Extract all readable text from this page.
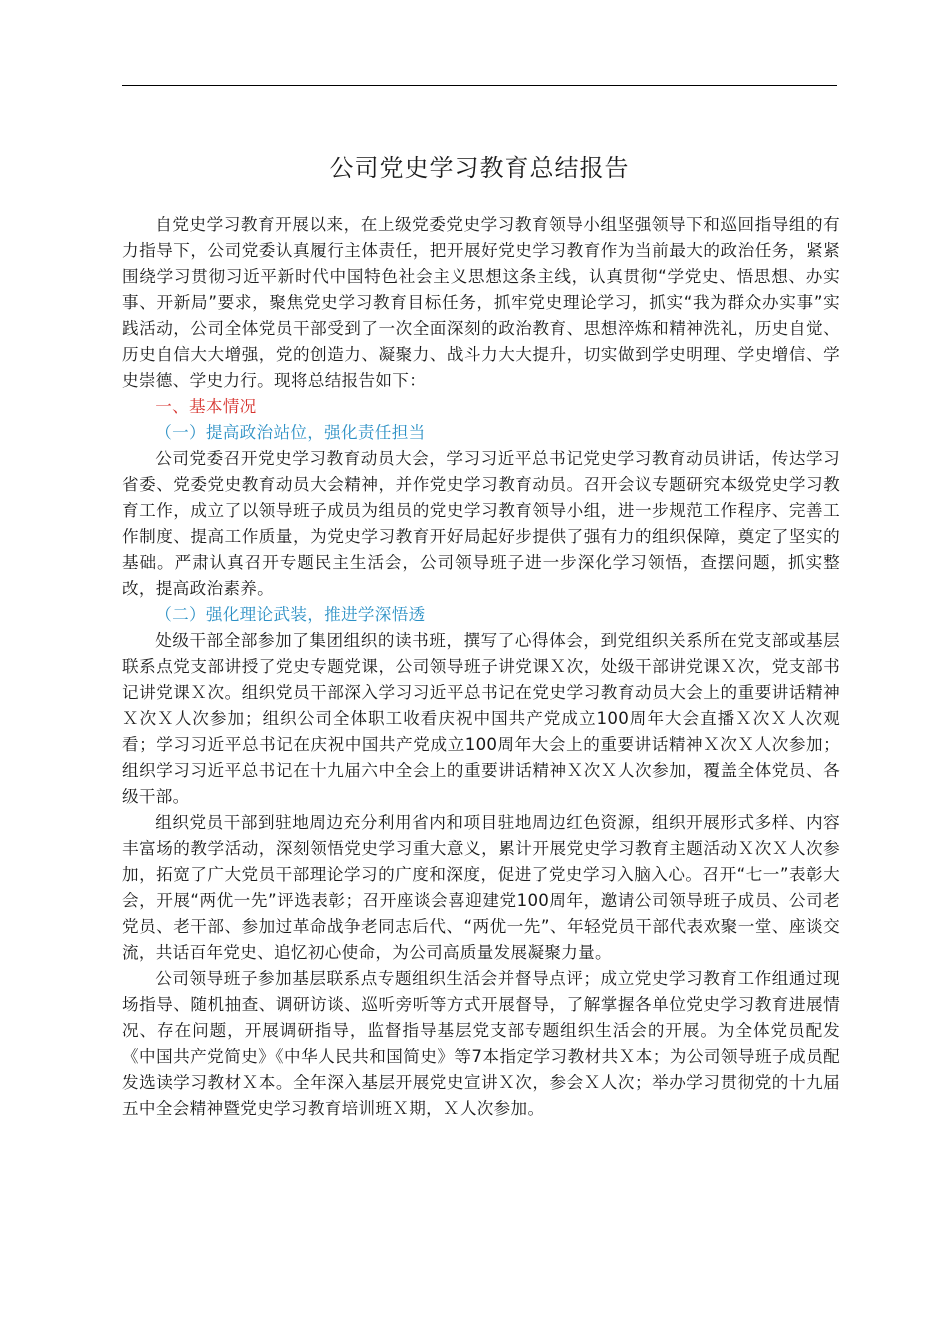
公司党史学习教育总结报告

自党史学习教育开展以来，在上级党委党史学习教育领导小组坚强领导下和巡回指导组的有力指导下，公司党委认真履行主体责任，把开展好党史学习教育作为当前最大的政治任务，紧紧围绕学习贯彻习近平新时代中国特色社会主义思想这条主线，认真贯彻“学党史、悟思想、办实事、开新局”要求，聚焦党史学习教育目标任务，抓牢党史理论学习，抓实“我为群众办实事”实践活动，公司全体党员干部受到了一次全面深刻的政治教育、思想淬炼和精神洗礼，历史自觉、历史自信大大增强，党的创造力、凝聚力、战斗力大大提升，切实做到学史明理、学史增信、学史崇德、学史力行。现将总结报告如下：

一、基本情况

（一）提高政治站位，强化责任担当

公司党委召开党史学习教育动员大会，学习习近平总书记党史学习教育动员讲话，传达学习省委、党委党史教育动员大会精神，并作党史学习教育动员。召开会议专题研究本级党史学习教育工作，成立了以领导班子成员为组员的党史学习教育领导小组，进一步规范工作程序、完善工作制度、提高工作质量，为党史学习教育开好局起好步提供了强有力的组织保障，奠定了坚实的基础。严肃认真召开专题民主生活会，公司领导班子进一步深化学习领悟，查摆问题，抓实整改，提高政治素养。

（二）强化理论武装，推进学深悟透

处级干部全部参加了集团组织的读书班，撰写了心得体会，到党组织关系所在党支部或基层联系点党支部讲授了党史专题党课，公司领导班子讲党课Ｘ次，处级干部讲党课Ｘ次，党支部书记讲党课Ｘ次。组织党员干部深入学习习近平总书记在党史学习教育动员大会上的重要讲话精神Ｘ次Ｘ人次参加；组织公司全体职工收看庆祝中国共产党成立100周年大会直播Ｘ次Ｘ人次观看；学习习近平总书记在庆祝中国共产党成立100周年大会上的重要讲话精神Ｘ次Ｘ人次参加；组织学习习近平总书记在十九届六中全会上的重要讲话精神Ｘ次Ｘ人次参加，覆盖全体党员、各级干部。

组织党员干部到驻地周边充分利用省内和项目驻地周边红色资源，组织开展形式多样、内容丰富场的教学活动，深刻领悟党史学习重大意义，累计开展党史学习教育主题活动Ｘ次Ｘ人次参加，拓宽了广大党员干部理论学习的广度和深度，促进了党史学习入脑入心。召开“七一”表彰大会，开展“两优一先”评选表彰；召开座谈会喜迎建党100周年，邀请公司领导班子成员、公司老党员、老干部、参加过革命战争老同志后代、“两优一先”、年轻党员干部代表欢聚一堂、座谈交流，共话百年党史、追忆初心使命，为公司高质量发展凝聚力量。

公司领导班子参加基层联系点专题组织生活会并督导点评；成立党史学习教育工作组通过现场指导、随机抽查、调研访谈、巡听旁听等方式开展督导，了解掌握各单位党史学习教育进展情况、存在问题，开展调研指导，监督指导基层党支部专题组织生活会的开展。为全体党员配发《中国共产党简史》《中华人民共和国简史》等7本指定学习教材共Ｘ本；为公司领导班子成员配发选读学习教材Ｘ本。全年深入基层开展党史宣讲Ｘ次，参会Ｘ人次；举办学习贯彻党的十九届五中全会精神暨党史学习教育培训班Ｘ期，Ｘ人次参加。
